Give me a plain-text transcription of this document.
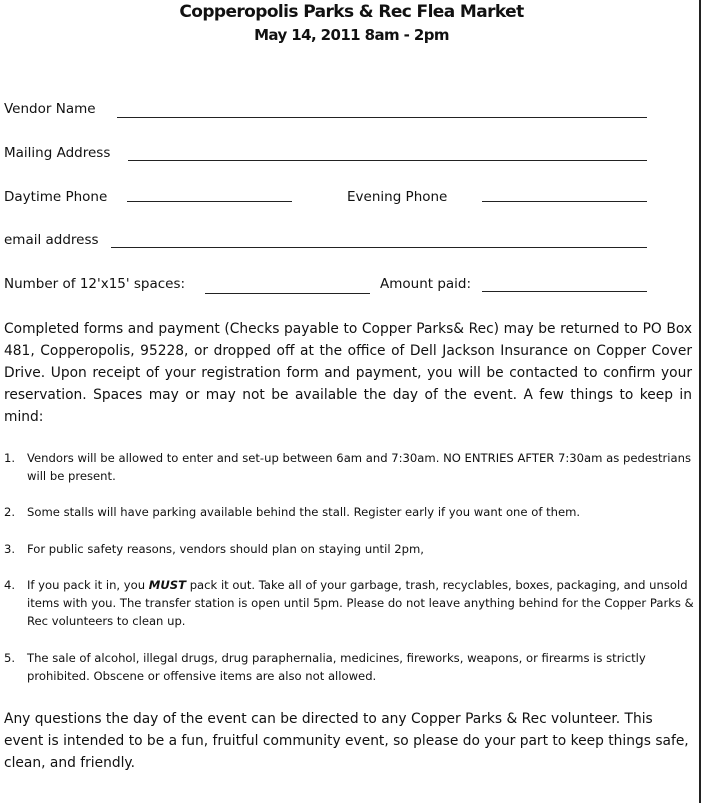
Copperopolis Parks & Rec Flea Market
May 14, 2011 8am - 2pm
Vendor Name
Mailing Address
Daytime Phone	Evening Phone
email address
Number of 12'x15' spaces:	Amount paid:
Completed forms and payment (Checks payable to Copper Parks& Rec) may be returned to PO Box 481, Copperopolis, 95228, or dropped off at the office of Dell Jackson Insurance on Copper Cover Drive. Upon receipt of your registration form and payment, you will be contacted to confirm your reservation. Spaces may or may not be available the day of the event. A few things to keep in mind:
1. Vendors will be allowed to enter and set-up between 6am and 7:30am. NO ENTRIES AFTER 7:30am as pedestrians will be present.
2. Some stalls will have parking available behind the stall. Register early if you want one of them.
3. For public safety reasons, vendors should plan on staying until 2pm,
4. If you pack it in, you MUST pack it out. Take all of your garbage, trash, recyclables, boxes, packaging, and unsold items with you. The transfer station is open until 5pm. Please do not leave anything behind for the Copper Parks & Rec volunteers to clean up.
5. The sale of alcohol, illegal drugs, drug paraphernalia, medicines, fireworks, weapons, or firearms is strictly prohibited. Obscene or offensive items are also not allowed.
Any questions the day of the event can be directed to any Copper Parks & Rec volunteer. This event is intended to be a fun, fruitful community event, so please do your part to keep things safe, clean, and friendly.
